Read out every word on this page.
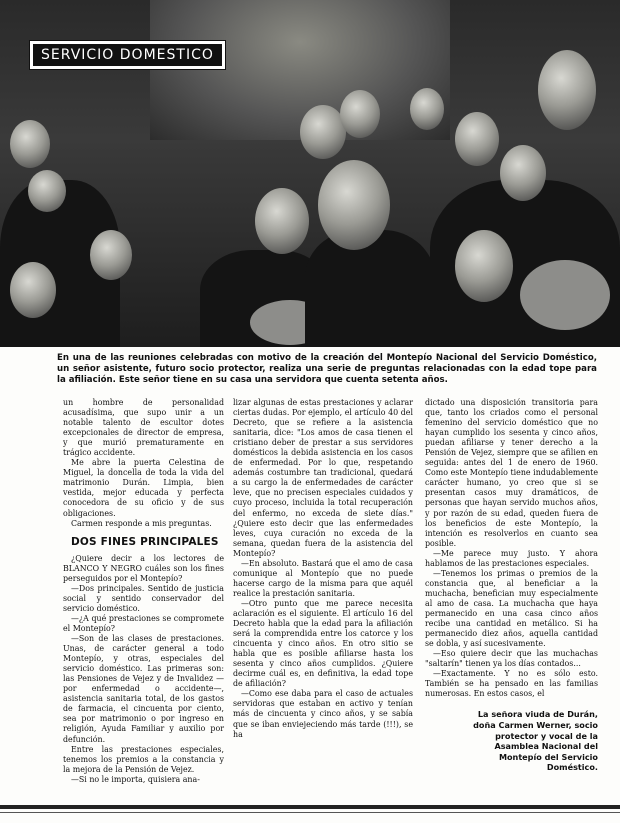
SERVICIO DOMESTICO
En una de las reuniones celebradas con motivo de la creación del Montepío Nacional del Servicio Doméstico, un señor asistente, futuro socio protector, realiza una serie de preguntas relacionadas con la edad tope para la afiliación. Este señor tiene en su casa una servidora que cuenta setenta años.

un hombre de personalidad acusadísima, que supo unir a un notable talento de escultor dotes excepcionales de director de empresa, y que murió prematuramente en trágico accidente.

Me abre la puerta Celestina de Miguel, la doncella de toda la vida del matrimonio Durán. Limpia, bien vestida, mejor educada y perfecta conocedora de su oficio y de sus obligaciones.

Carmen responde a mis preguntas.

DOS FINES PRINCIPALES

¿Quiere decir a los lectores de BLANCO Y NEGRO cuáles son los fines perseguidos por el Montepío?

—Dos principales. Sentido de justicia social y sentido conservador del servicio doméstico.

—¿A qué prestaciones se compromete el Montepío?

—Son de las clases de prestaciones. Unas, de carácter general a todo Montepío, y otras, especiales del servicio doméstico. Las primeras son: las Pensiones de Vejez y de Invalidez —por enfermedad o accidente—, asistencia sanitaria total, de los gastos de farmacia, el cincuenta por ciento, sea por matrimonio o por ingreso en religión, Ayuda Familiar y auxilio por defunción.

Entre las prestaciones especiales, tenemos los premios a la constancia y la mejora de la Pensión de Vejez.

—Si no le importa, quisiera ana-

lizar algunas de estas prestaciones y aclarar ciertas dudas. Por ejemplo, el artículo 40 del Decreto, que se refiere a la asistencia sanitaria, dice: "Los amos de casa tienen el cristiano deber de prestar a sus servidores domésticos la debida asistencia en los casos de enfermedad. Por lo que, respetando además costumbre tan tradicional, quedará a su cargo la de enfermedades de carácter leve, que no precisen especiales cuidados y cuyo proceso, incluida la total recuperación del enfermo, no exceda de siete días." ¿Quiere esto decir que las enfermedades leves, cuya curación no exceda de la semana, quedan fuera de la asistencia del Montepío?

—En absoluto. Bastará que el amo de casa comunique al Montepío que no puede hacerse cargo de la misma para que aquél realice la prestación sanitaria.

—Otro punto que me parece necesita aclaración es el siguiente. El artículo 16 del Decreto habla que la edad para la afiliación será la comprendida entre los catorce y los cincuenta y cinco años. En otro sitio se habla que es posible afiliarse hasta los sesenta y cinco años cumplidos. ¿Quiere decirme cuál es, en definitiva, la edad tope de afiliación?

—Como ese daba para el caso de actuales servidoras que estaban en activo y tenían más de cincuenta y cinco años, y se sabía que se iban enviejeciendo más tarde (!!!), se ha

dictado una disposición transitoria para que, tanto los criados como el personal femenino del servicio doméstico que no hayan cumplido los sesenta y cinco años, puedan afiliarse y tener derecho a la Pensión de Vejez, siempre que se afilien en seguida: antes del 1 de enero de 1960. Como este Montepío tiene indudablemente carácter humano, yo creo que si se presentan casos muy dramáticos, de personas que hayan servido muchos años, y por razón de su edad, queden fuera de los beneficios de este Montepío, la intención es resolverlos en cuanto sea posible.

—Me parece muy justo. Y ahora hablamos de las prestaciones especiales.

—Tenemos los primas o premios de la constancia que, al beneficiar a la muchacha, benefician muy especialmente al amo de casa. La muchacha que haya permanecido en una casa cinco años recibe una cantidad en metálico. Si ha permanecido diez años, aquella cantidad se dobla, y así sucesivamente.

—Eso quiere decir que las muchachas "saltarín" tienen ya los días contados...

—Exactamente. Y no es sólo esto. También se ha pensado en las familias numerosas. En estos casos, el

La señora viuda de Durán, doña Carmen Werner, socio protector y vocal de la Asamblea Nacional del Montepío del Servicio Doméstico.
